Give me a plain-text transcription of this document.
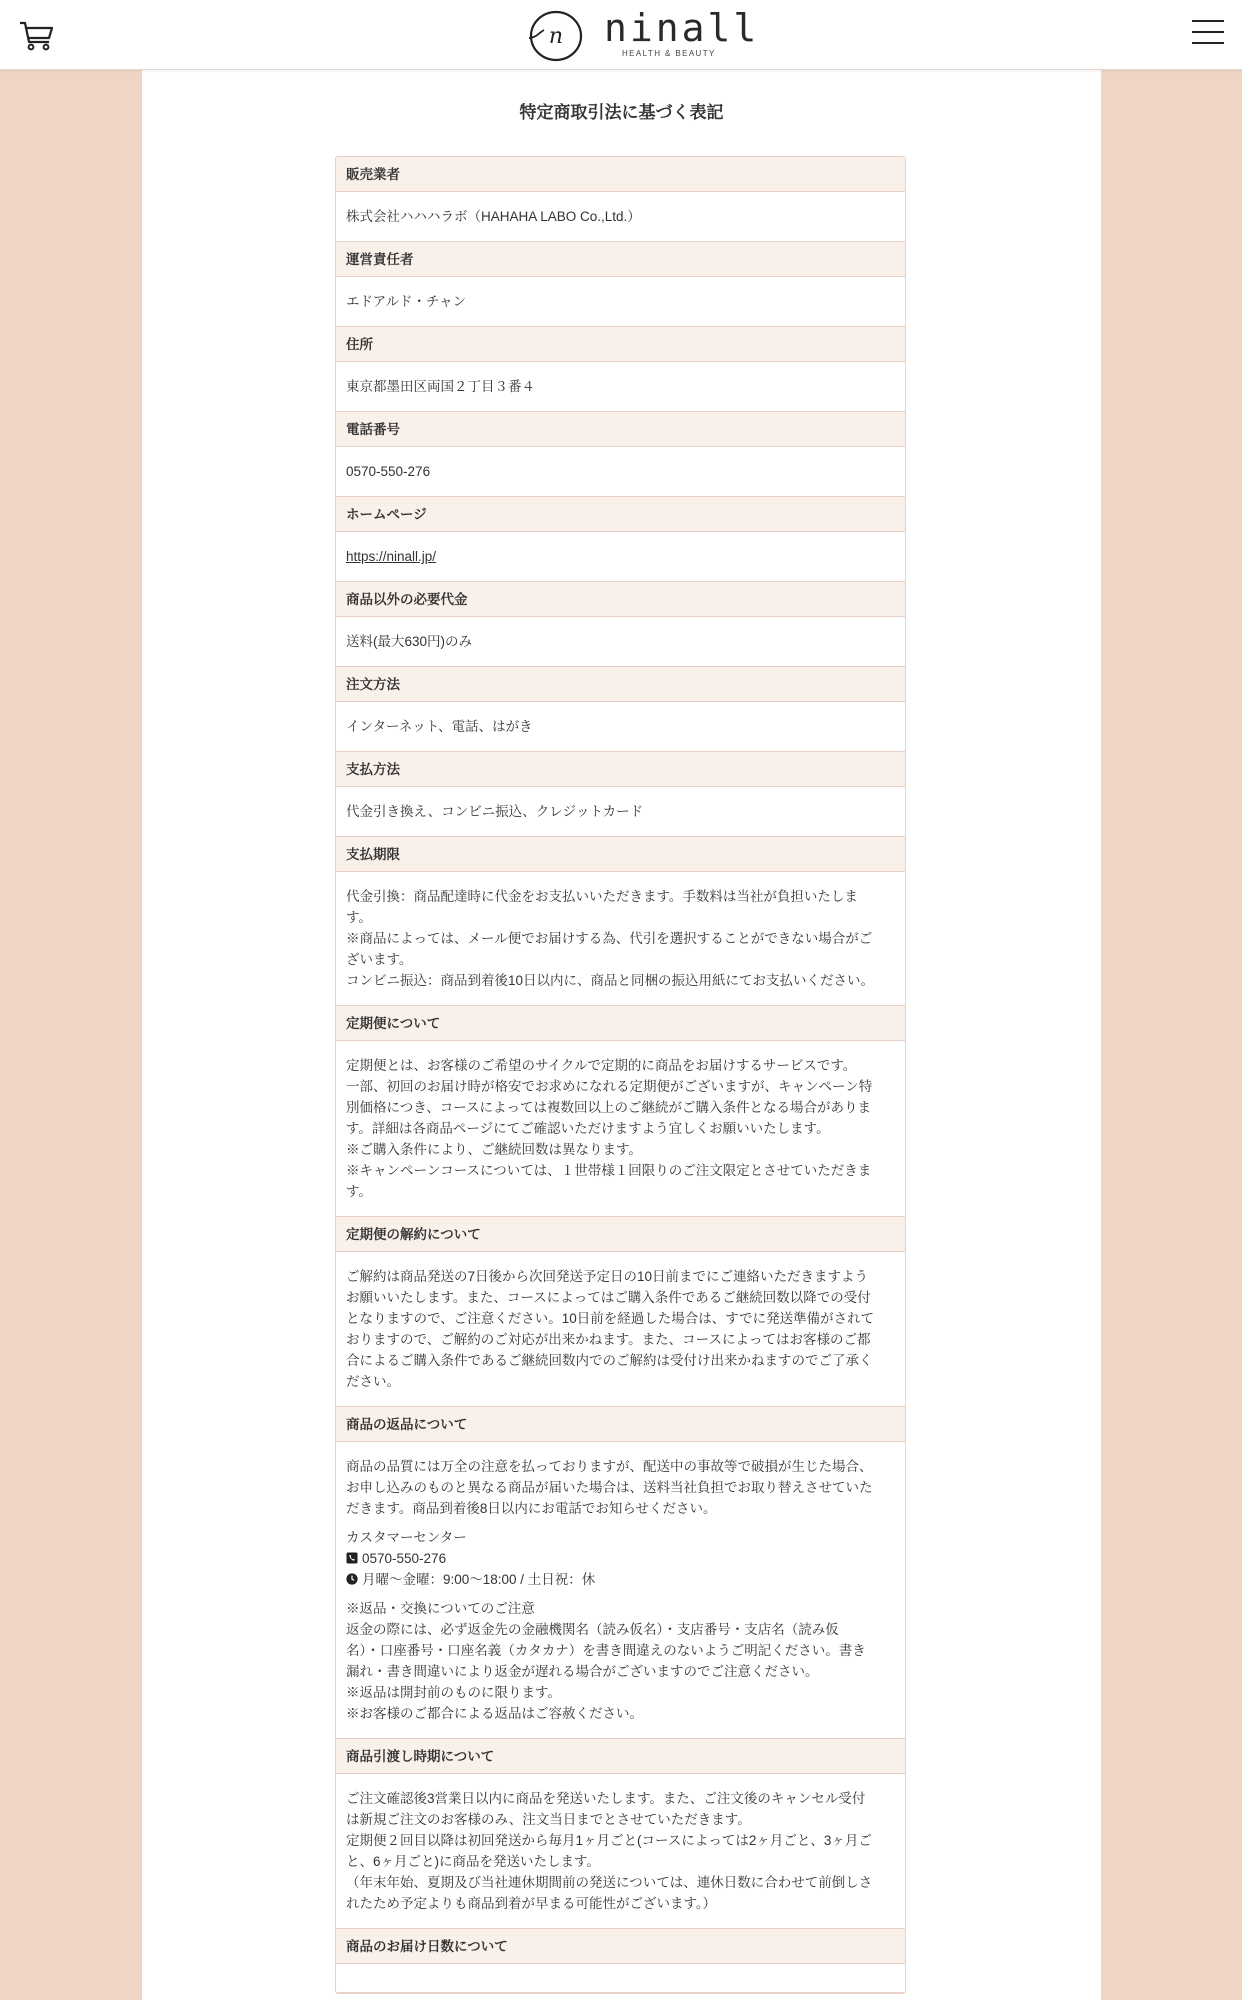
n ninall
HEALTH & BEAUTY
特定商取引法に基づく表記
販売業者

株式会社ハハハラボ（HAHAHA LABO Co.,Ltd.）

運営責任者

エドアルド・チャン

住所

東京都墨田区両国２丁目３番４

電話番号

0570-550-276

ホームページ
https://ninall.jp/
商品以外の必要代金

送料(最大630円)のみ

注文方法

インターネット、電話、はがき

支払方法

代金引き換え、コンビニ振込、クレジットカード

支払期限

代金引換：商品配達時に代金をお支払いいただきます。手数料は当社が負担いたしま

す。

※商品によっては、メール便でお届けする為、代引を選択することができない場合がご

ざいます。

コンビニ振込：商品到着後10日以内に、商品と同梱の振込用紙にてお支払いください。

定期便について

定期便とは、お客様のご希望のサイクルで定期的に商品をお届けするサービスです。

一部、初回のお届け時が格安でお求めになれる定期便がございますが、キャンペーン特

別価格につき、コースによっては複数回以上のご継続がご購入条件となる場合がありま

す。詳細は各商品ページにてご確認いただけますよう宜しくお願いいたします。

※ご購入条件により、ご継続回数は異なります。

※キャンペーンコースについては、１世帯様１回限りのご注文限定とさせていただきま

す。

定期便の解約について

ご解約は商品発送の7日後から次回発送予定日の10日前までにご連絡いただきますよう

お願いいたします。また、コースによってはご購入条件であるご継続回数以降での受付

となりますので、ご注意ください。10日前を経過した場合は、すでに発送準備がされて

おりますので、ご解約のご対応が出来かねます。また、コースによってはお客様のご都

合によるご購入条件であるご継続回数内でのご解約は受付け出来かねますのでご了承く

ださい。

商品の返品について

商品の品質には万全の注意を払っておりますが、配送中の事故等で破損が生じた場合、

お申し込みのものと異なる商品が届いた場合は、送料当社負担でお取り替えさせていた

だきます。商品到着後8日以内にお電話でお知らせください。

カスタマーセンター

0570-550-276

月曜〜金曜：9:00〜18:00 / 土日祝：休

※返品・交換についてのご注意

返金の際には、必ず返金先の金融機関名（読み仮名）・支店番号・支店名（読み仮

名）・口座番号・口座名義（カタカナ）を書き間違えのないようご明記ください。書き

漏れ・書き間違いにより返金が遅れる場合がございますのでご注意ください。

※返品は開封前のものに限ります。

※お客様のご都合による返品はご容赦ください。

商品引渡し時期について

ご注文確認後3営業日以内に商品を発送いたします。また、ご注文後のキャンセル受付

は新規ご注文のお客様のみ、注文当日までとさせていただきます。

定期便２回目以降は初回発送から毎月1ヶ月ごと(コースによっては2ヶ月ごと、3ヶ月ご

と、6ヶ月ごと)に商品を発送いたします。

（年末年始、夏期及び当社連休期間前の発送については、連休日数に合わせて前倒しさ

れたため予定よりも商品到着が早まる可能性がございます。）

商品のお届け日数について
